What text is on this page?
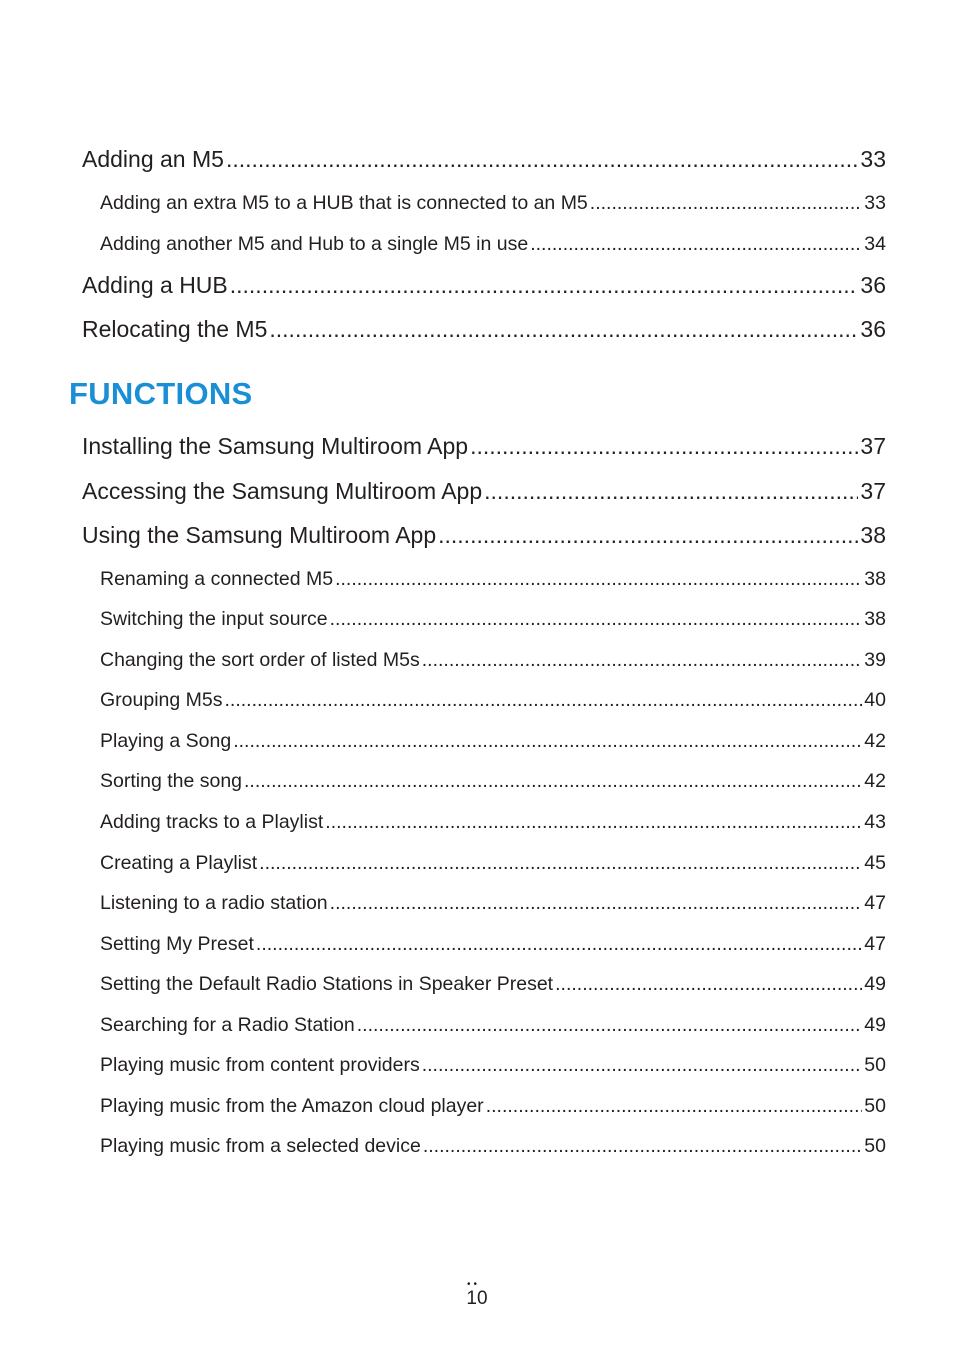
Adding an M5 .....	33
Adding an extra M5 to a HUB that is connected to an M5 .....	33
Adding another M5 and Hub to a single M5 in use .....	34
Adding a HUB .....	36
Relocating the M5 .....	36
FUNCTIONS
Installing the Samsung Multiroom App .....	37
Accessing the Samsung Multiroom App .....	37
Using the Samsung Multiroom App .....	38
Renaming a connected M5 .....	38
Switching the input source .....	38
Changing the sort order of listed M5s .....	39
Grouping M5s .....	40
Playing a Song .....	42
Sorting the song .....	42
Adding tracks to a Playlist .....	43
Creating a Playlist .....	45
Listening to a radio station .....	47
Setting My Preset .....	47
Setting the Default Radio Stations in Speaker Preset .....	49
Searching for a Radio Station .....	49
Playing music from content providers .....	50
Playing music from the Amazon cloud player .....	50
Playing music from a selected device .....	50
••
10
